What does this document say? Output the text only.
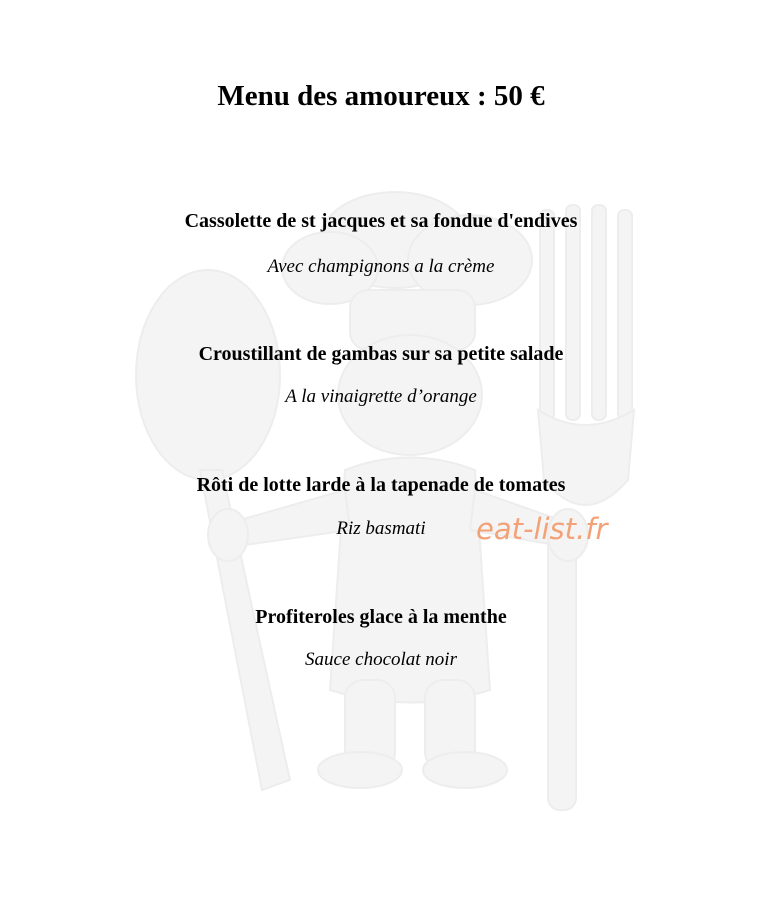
Menu des amoureux : 50 €
Cassolette de st jacques et sa fondue d'endives
Avec champignons a la crème
Croustillant de gambas sur sa petite salade
A la vinaigrette d’orange
Rôti de lotte larde à la tapenade de tomates
Riz basmati
Profiteroles glace à la menthe
Sauce chocolat noir
eat-list.fr
